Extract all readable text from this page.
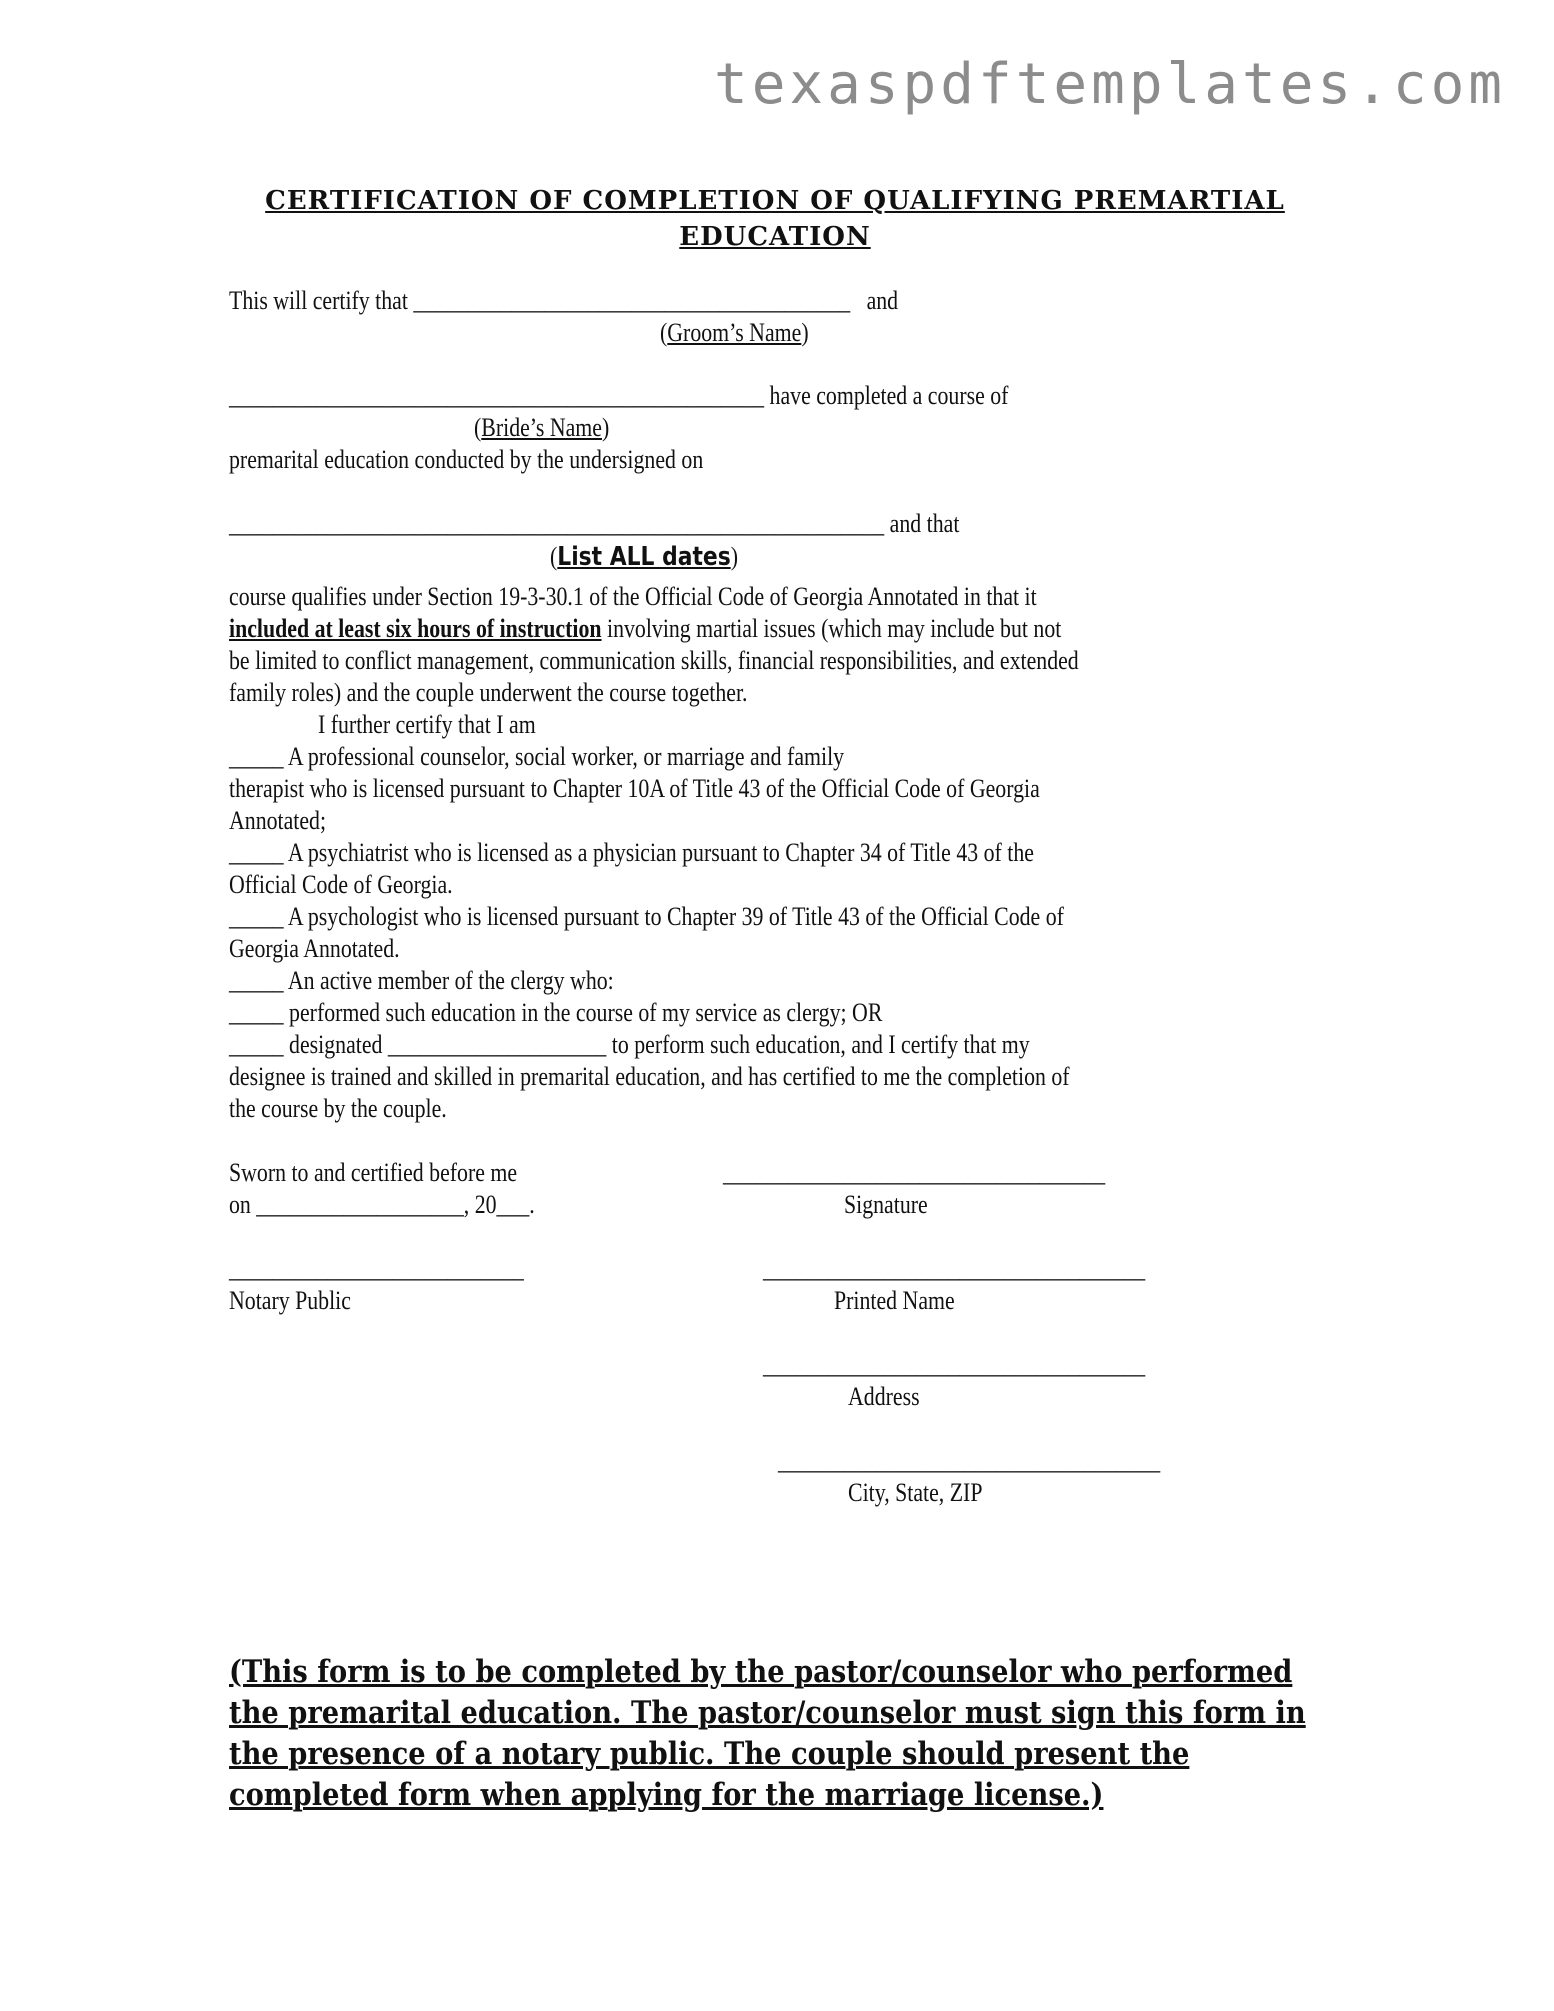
texaspdftemplates.com
CERTIFICATION OF COMPLETION OF QUALIFYING PREMARTIAL
EDUCATION
This will certify that ________________________________________ and
(Groom’s Name)
_________________________________________________ have completed a course of
(Bride’s Name)
premarital education conducted by the undersigned on
____________________________________________________________ and that
(List ALL dates)
course qualifies under Section 19-3-30.1 of the Official Code of Georgia Annotated in that it
included at least six hours of instruction involving martial issues (which may include but not
be limited to conflict management, communication skills, financial responsibilities, and extended
family roles) and the couple underwent the course together.
I further certify that I am
_____ A professional counselor, social worker, or marriage and family
therapist who is licensed pursuant to Chapter 10A of Title 43 of the Official Code of Georgia
Annotated;
_____ A psychiatrist who is licensed as a physician pursuant to Chapter 34 of Title 43 of the
Official Code of Georgia.
_____ A psychologist who is licensed pursuant to Chapter 39 of Title 43 of the Official Code of
Georgia Annotated.
_____ An active member of the clergy who:
_____ performed such education in the course of my service as clergy; OR
_____ designated ____________________ to perform such education, and I certify that my
designee is trained and skilled in premarital education, and has certified to me the completion of
the course by the couple.
Sworn to and certified before me	___________________________________
on ___________________, 20___.	Signature
___________________________	___________________________________
Notary Public	Printed Name
___________________________________
Address
___________________________________
City, State, ZIP
(This form is to be completed by the pastor/counselor who performed
the premarital education. The pastor/counselor must sign this form in
the presence of a notary public. The couple should present the
completed form when applying for the marriage license.)
